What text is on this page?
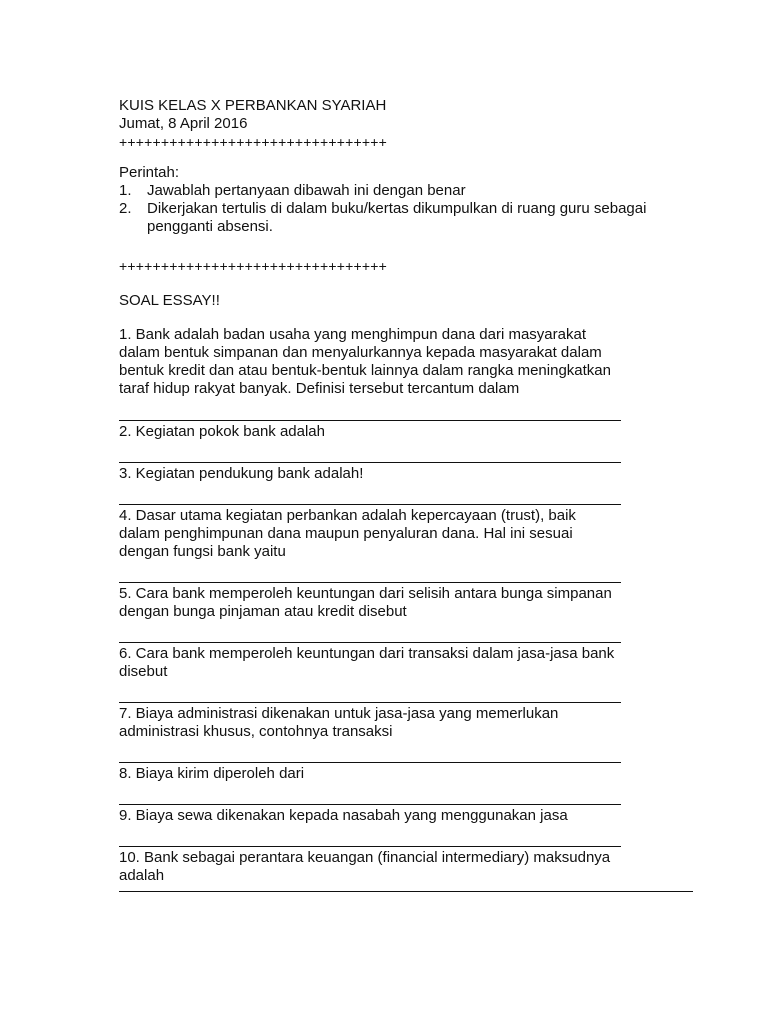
KUIS KELAS X PERBANKAN SYARIAH
Jumat, 8 April 2016
++++++++++++++++++++++++++++++++
Perintah:
1.	Jawablah pertanyaan dibawah ini dengan benar
2.	Dikerjakan tertulis di dalam buku/kertas dikumpulkan di ruang guru sebagai pengganti absensi.
++++++++++++++++++++++++++++++++
SOAL ESSAY!!
1. Bank adalah badan usaha yang menghimpun dana dari masyarakat dalam bentuk simpanan dan menyalurkannya kepada masyarakat dalam bentuk kredit dan atau bentuk-bentuk lainnya dalam rangka meningkatkan taraf hidup rakyat banyak. Definisi tersebut tercantum dalam
2. Kegiatan pokok bank adalah
3. Kegiatan pendukung bank adalah!
4. Dasar utama kegiatan perbankan adalah kepercayaan (trust), baik dalam penghimpunan dana maupun penyaluran dana. Hal ini sesuai dengan fungsi bank yaitu
5. Cara bank memperoleh keuntungan dari selisih antara bunga simpanan dengan bunga pinjaman atau kredit disebut
6. Cara bank memperoleh keuntungan dari transaksi dalam jasa-jasa bank disebut
7. Biaya administrasi dikenakan untuk jasa-jasa yang memerlukan administrasi khusus, contohnya transaksi
8. Biaya kirim diperoleh dari
9. Biaya sewa dikenakan kepada nasabah yang menggunakan jasa
10. Bank sebagai perantara keuangan (financial intermediary) maksudnya adalah
